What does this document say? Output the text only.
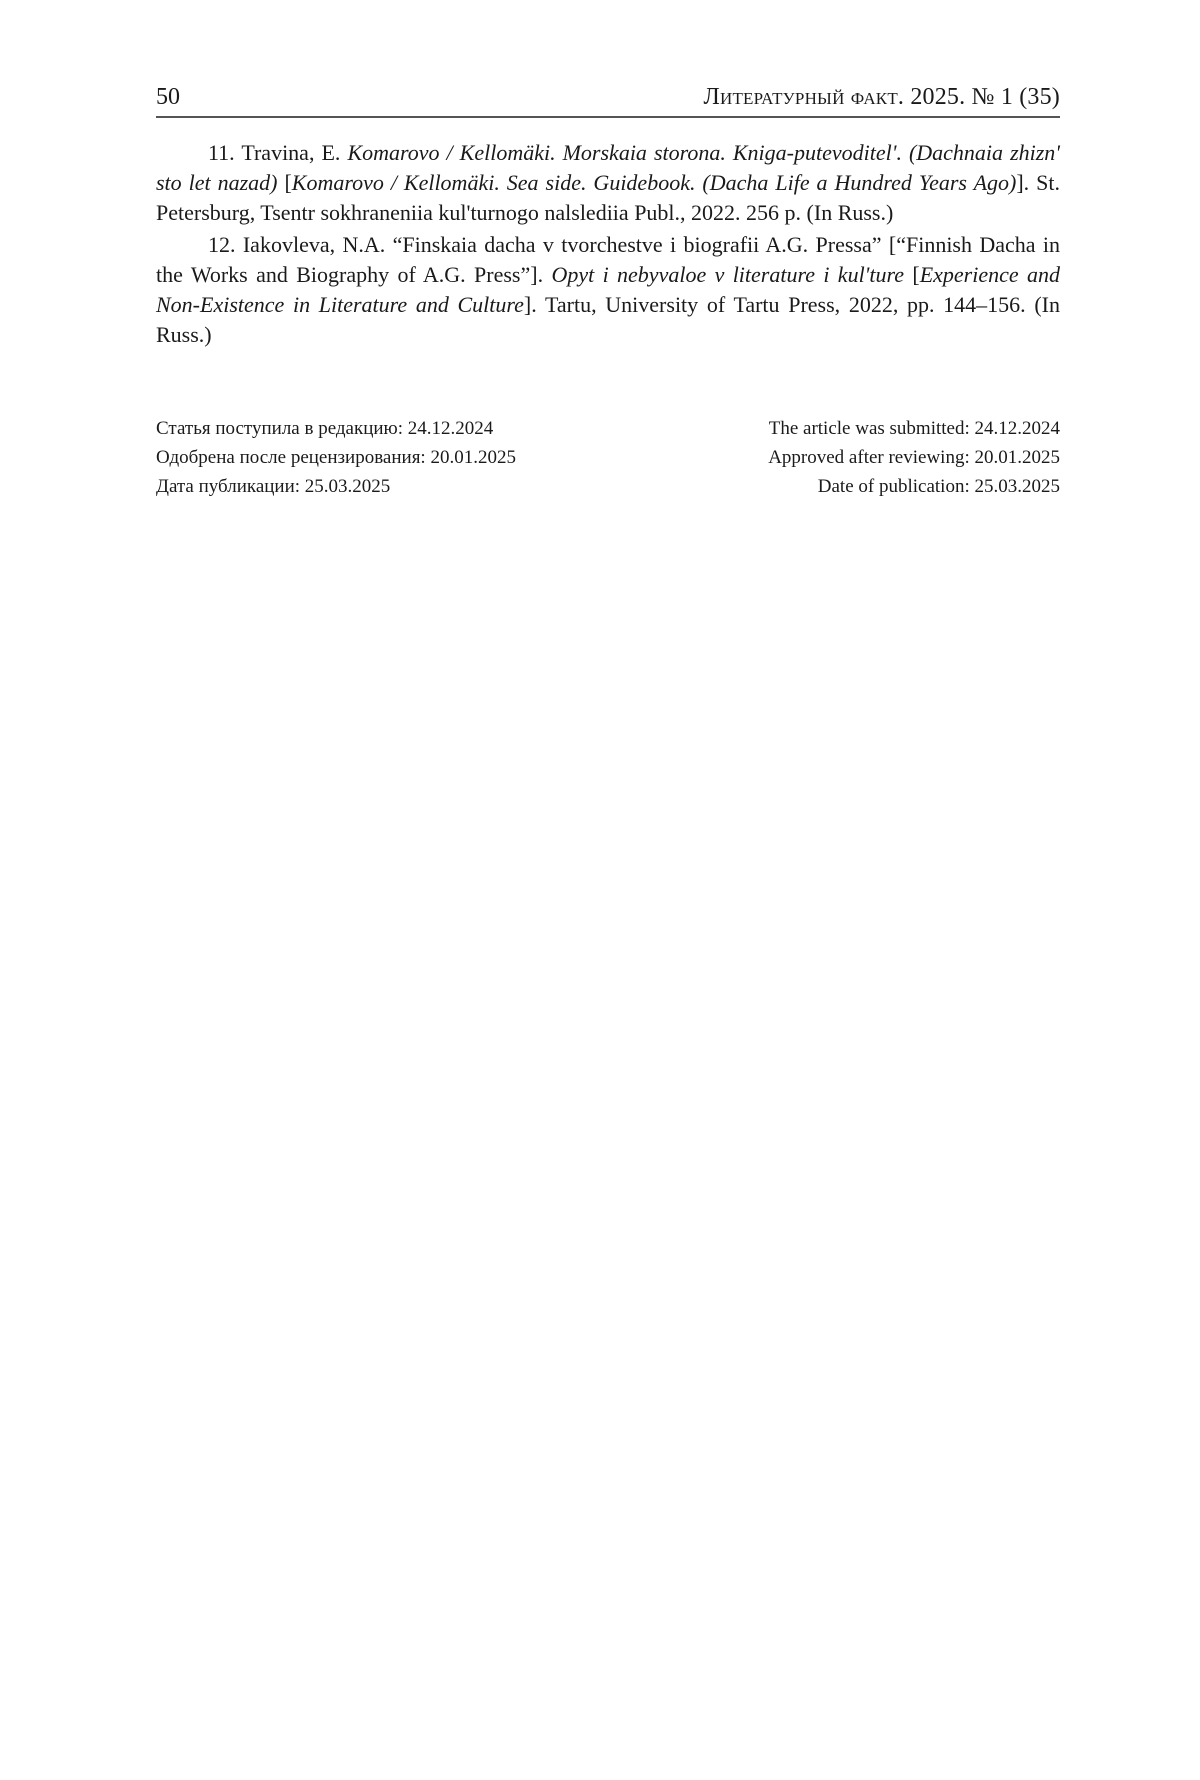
50	Литературный факт. 2025. № 1 (35)

11. Travina, E. Komarovo / Kellomäki. Morskaia storona. Kniga-putevoditel'. (Dachnaia zhizn' sto let nazad) [Komarovo / Kellomäki. Sea side. Guidebook. (Dacha Life a Hundred Years Ago)]. St. Petersburg, Tsentr sokhraneniia kul'turnogo nalslediia Publ., 2022. 256 p. (In Russ.)

12. Iakovleva, N.A. “Finskaia dacha v tvorchestve i biografii A.G. Pressa” [“Finnish Dacha in the Works and Biography of A.G. Press”]. Opyt i nebyvaloe v literature i kul'ture [Experience and Non-Existence in Literature and Culture]. Tartu, University of Tartu Press, 2022, pp. 144–156. (In Russ.)

Статья поступила в редакцию: 24.12.2024
Одобрена после рецензирования: 20.01.2025
Дата публикации: 25.03.2025
The article was submitted: 24.12.2024
Approved after reviewing: 20.01.2025
Date of publication: 25.03.2025
